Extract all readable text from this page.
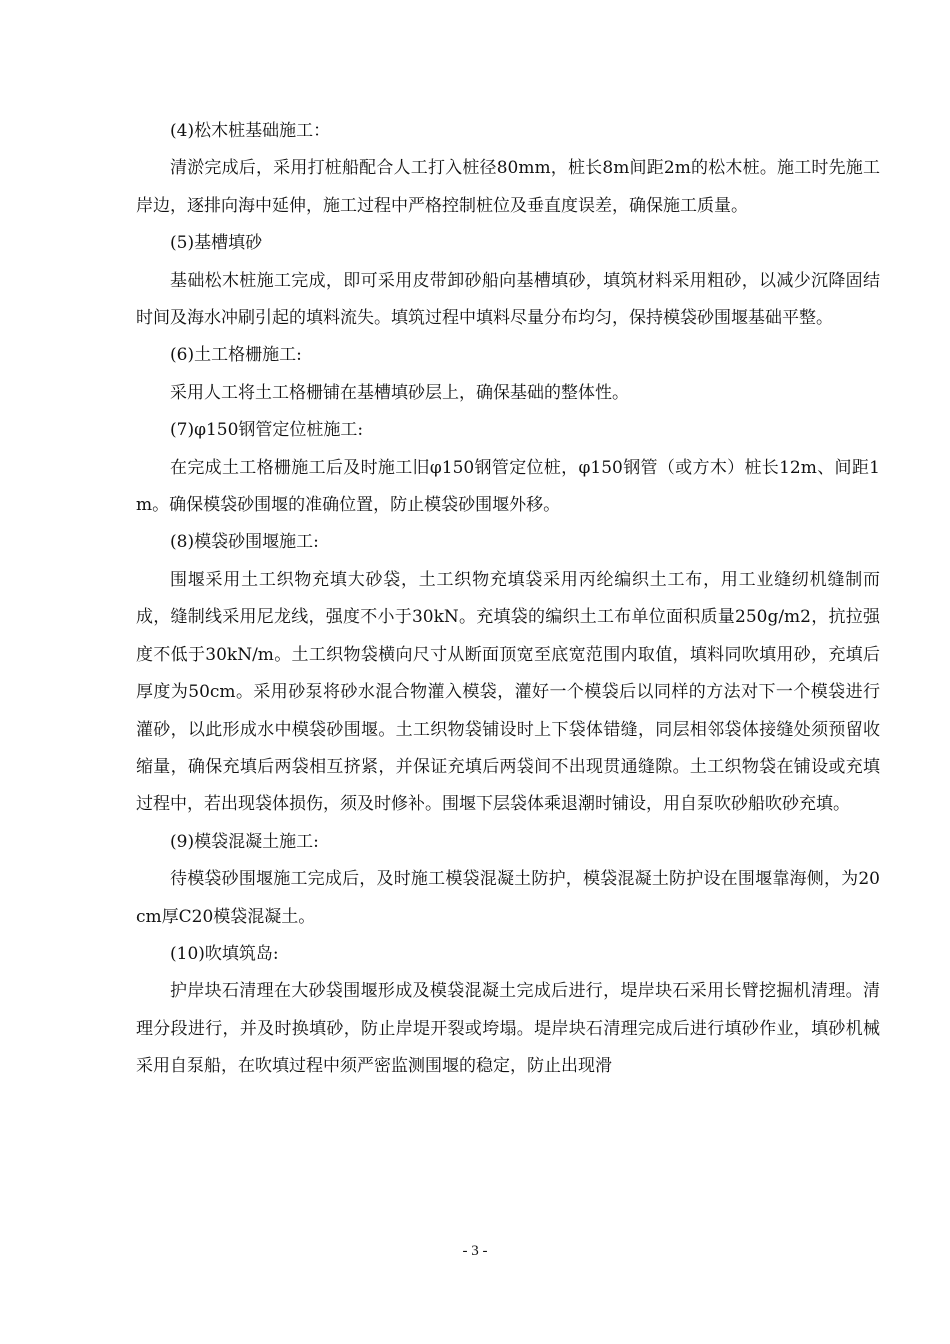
(4)松木桩基础施工：

清淤完成后，采用打桩船配合人工打入桩径80mm，桩长8m间距2m的松木桩。施工时先施工岸边，逐排向海中延伸，施工过程中严格控制桩位及垂直度误差，确保施工质量。

(5)基槽填砂

基础松木桩施工完成，即可采用皮带卸砂船向基槽填砂，填筑材料采用粗砂，以减少沉降固结时间及海水冲刷引起的填料流失。填筑过程中填料尽量分布均匀，保持模袋砂围堰基础平整。

(6)土工格栅施工:

采用人工将土工格栅铺在基槽填砂层上，确保基础的整体性。

(7)φ150钢管定位桩施工:

在完成土工格栅施工后及时施工旧φ150钢管定位桩，φ150钢管（或方木）桩长12m、间距1m。确保模袋砂围堰的准确位置，防止模袋砂围堰外移。

(8)模袋砂围堰施工:

围堰采用土工织物充填大砂袋，土工织物充填袋采用丙纶编织土工布，用工业缝纫机缝制而成，缝制线采用尼龙线，强度不小于30kN。充填袋的编织土工布单位面积质量250g/m2，抗拉强度不低于30kN/m。土工织物袋横向尺寸从断面顶宽至底宽范围内取值，填料同吹填用砂，充填后厚度为50cm。采用砂泵将砂水混合物灌入模袋，灌好一个模袋后以同样的方法对下一个模袋进行灌砂，以此形成水中模袋砂围堰。土工织物袋铺设时上下袋体错缝，同层相邻袋体接缝处须预留收缩量，确保充填后两袋相互挤紧，并保证充填后两袋间不出现贯通缝隙。土工织物袋在铺设或充填过程中，若出现袋体损伤，须及时修补。围堰下层袋体乘退潮时铺设，用自泵吹砂船吹砂充填。

(9)模袋混凝土施工:

待模袋砂围堰施工完成后，及时施工模袋混凝土防护，模袋混凝土防护设在围堰靠海侧，为20cm厚C20模袋混凝土。

(10)吹填筑岛:

护岸块石清理在大砂袋围堰形成及模袋混凝土完成后进行，堤岸块石采用长臂挖掘机清理。清理分段进行，并及时换填砂，防止岸堤开裂或垮塌。堤岸块石清理完成后进行填砂作业，填砂机械采用自泵船，在吹填过程中须严密监测围堰的稳定，防止出现滑

- 3 -
